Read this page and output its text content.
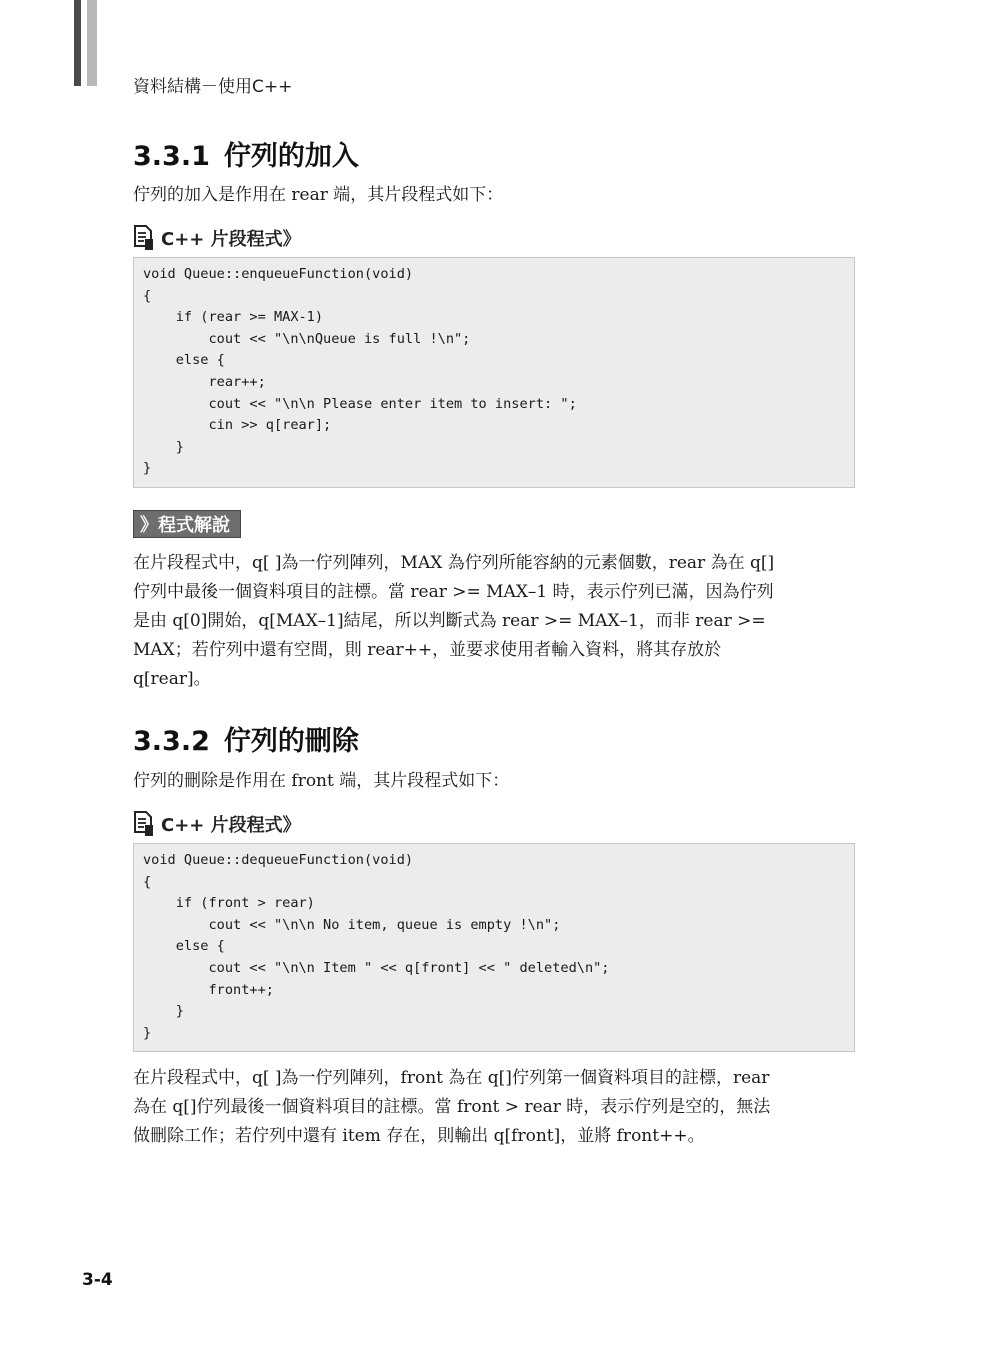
資料結構－使用C++
3.3.1 佇列的加入

佇列的加入是作用在 rear 端，其片段程式如下：

C++ 片段程式》
void Queue::enqueueFunction(void)
{
if (rear >= MAX-1)
cout << "\n\nQueue is full !\n";
else {
rear++;
cout << "\n\n Please enter item to insert: ";
cin >> q[rear];
}
}
》程式解說
在片段程式中，q[ ]為一佇列陣列，MAX 為佇列所能容納的元素個數，rear 為在 q[]
佇列中最後一個資料項目的註標。當 rear >= MAX–1 時，表示佇列已滿，因為佇列
是由 q[0]開始，q[MAX–1]結尾，所以判斷式為 rear >= MAX–1，而非 rear >=
MAX；若佇列中還有空間，則 rear++，並要求使用者輸入資料，將其存放於
q[rear]。
3.3.2 佇列的刪除

佇列的刪除是作用在 front 端，其片段程式如下：

C++ 片段程式》
void Queue::dequeueFunction(void)
{
if (front > rear)
cout << "\n\n No item, queue is empty !\n";
else {
cout << "\n\n Item " << q[front] << " deleted\n";
front++;
}
}
在片段程式中，q[ ]為一佇列陣列，front 為在 q[]佇列第一個資料項目的註標，rear
為在 q[]佇列最後一個資料項目的註標。當 front > rear 時，表示佇列是空的，無法
做刪除工作；若佇列中還有 item 存在，則輸出 q[front]，並將 front++。
3-4
